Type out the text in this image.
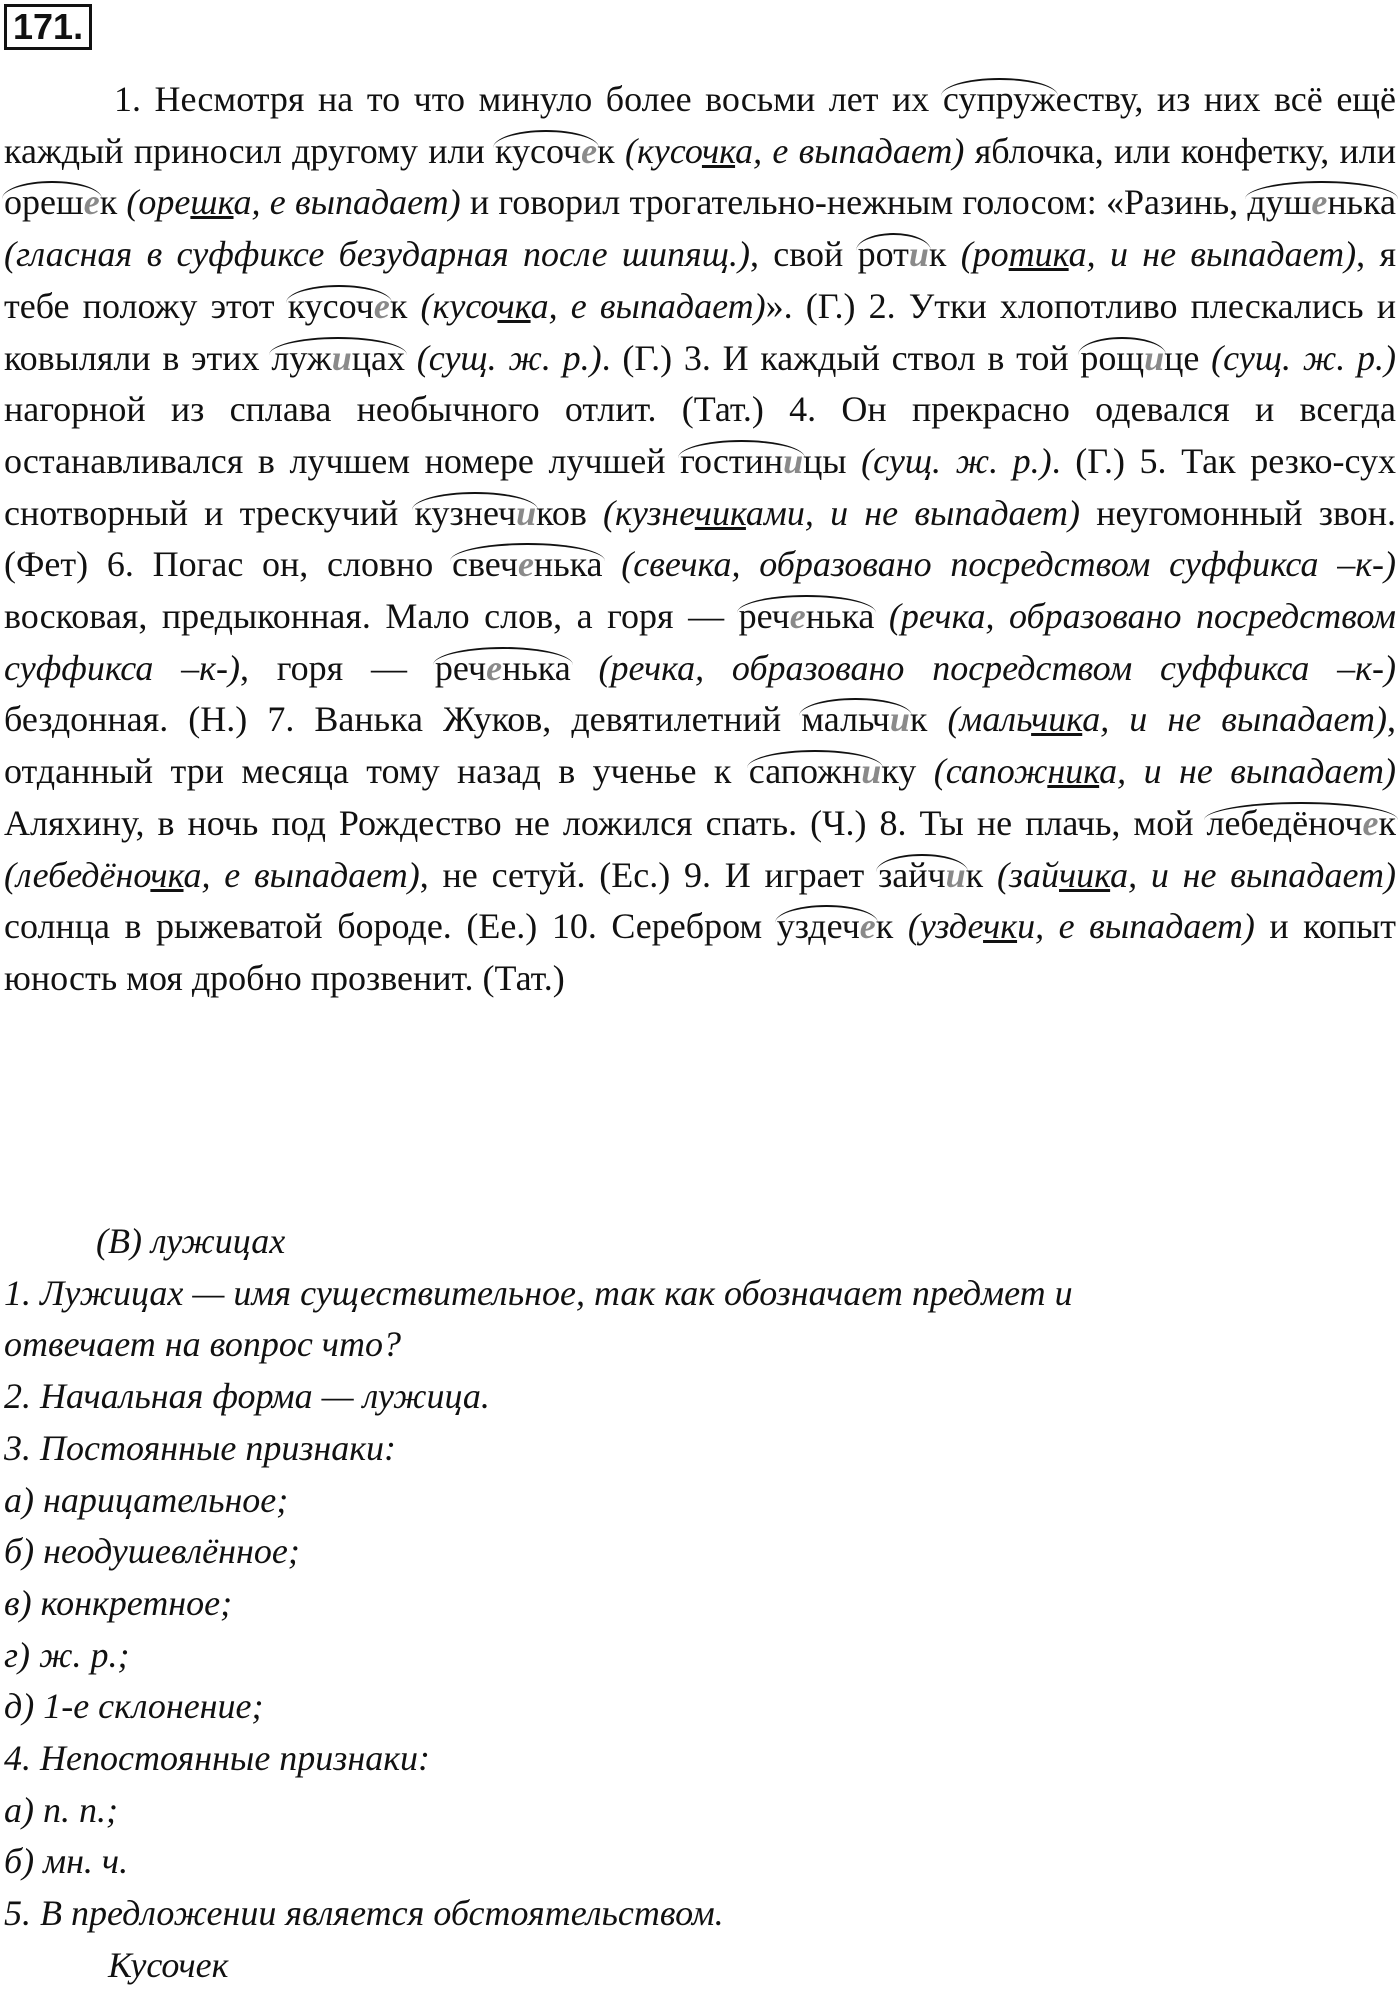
171.

1. Несмотря на то что минуло более восьми лет их супружеству, из них всё ещё каждый приносил другому или кусочек (кусочка, е выпадает) яблочка, или конфетку, или орешек (орешка, е выпадает) и говорил трогательно-нежным голосом: «Разинь, душенька (гласная в суффиксе безударная после шипящ.), свой ротик (ротика, и не выпадает), я тебе положу этот кусочек (кусочка, е выпадает)». (Г.) 2. Утки хлопотливо плескались и ковыляли в этих лужицах (сущ. ж. р.). (Г.) 3. И каждый ствол в той рощице (сущ. ж. р.) нагорной из сплава необычного отлит. (Тат.) 4. Он прекрасно одевался и всегда останавливался в лучшем номере лучшей гостиницы (сущ. ж. р.). (Г.) 5. Так резко-сух снотворный и трескучий кузнечиков (кузнечиками, и не выпадает) неугомонный звон. (Фет) 6. Погас он, словно свеченька (свечка, образовано посредством суффикса –к-) восковая, предыконная. Мало слов, а горя — реченька (речка, образовано посредством суффикса –к-), горя — реченька (речка, образовано посредством суффикса –к-) бездонная. (Н.) 7. Ванька Жуков, девятилетний мальчик (мальчика, и не выпадает), отданный три месяца тому назад в ученье к сапожнику (сапожника, и не выпадает) Аляхину, в ночь под Рождество не ложился спать. (Ч.) 8. Ты не плачь, мой лебедёночек (лебедёночка, е выпадает), не сетуй. (Ес.) 9. И играет зайчик (зайчика, и не выпадает) солнца в рыжеватой бороде. (Ее.) 10. Серебром уздечек (уздечки, е выпадает) и копыт юность моя дробно прозвенит. (Тат.)

(В) лужицах
1. Лужицах — имя существительное, так как обозначает предмет и
отвечает на вопрос что?
2. Начальная форма — лужица.
3. Постоянные признаки:
а) нарицательное;
б) неодушевлённое;
в) конкретное;
г) ж. р.;
д) 1-е склонение;
4. Непостоянные признаки:
а) п. п.;
б) мн. ч.
5. В предложении является обстоятельством.
Кусочек
